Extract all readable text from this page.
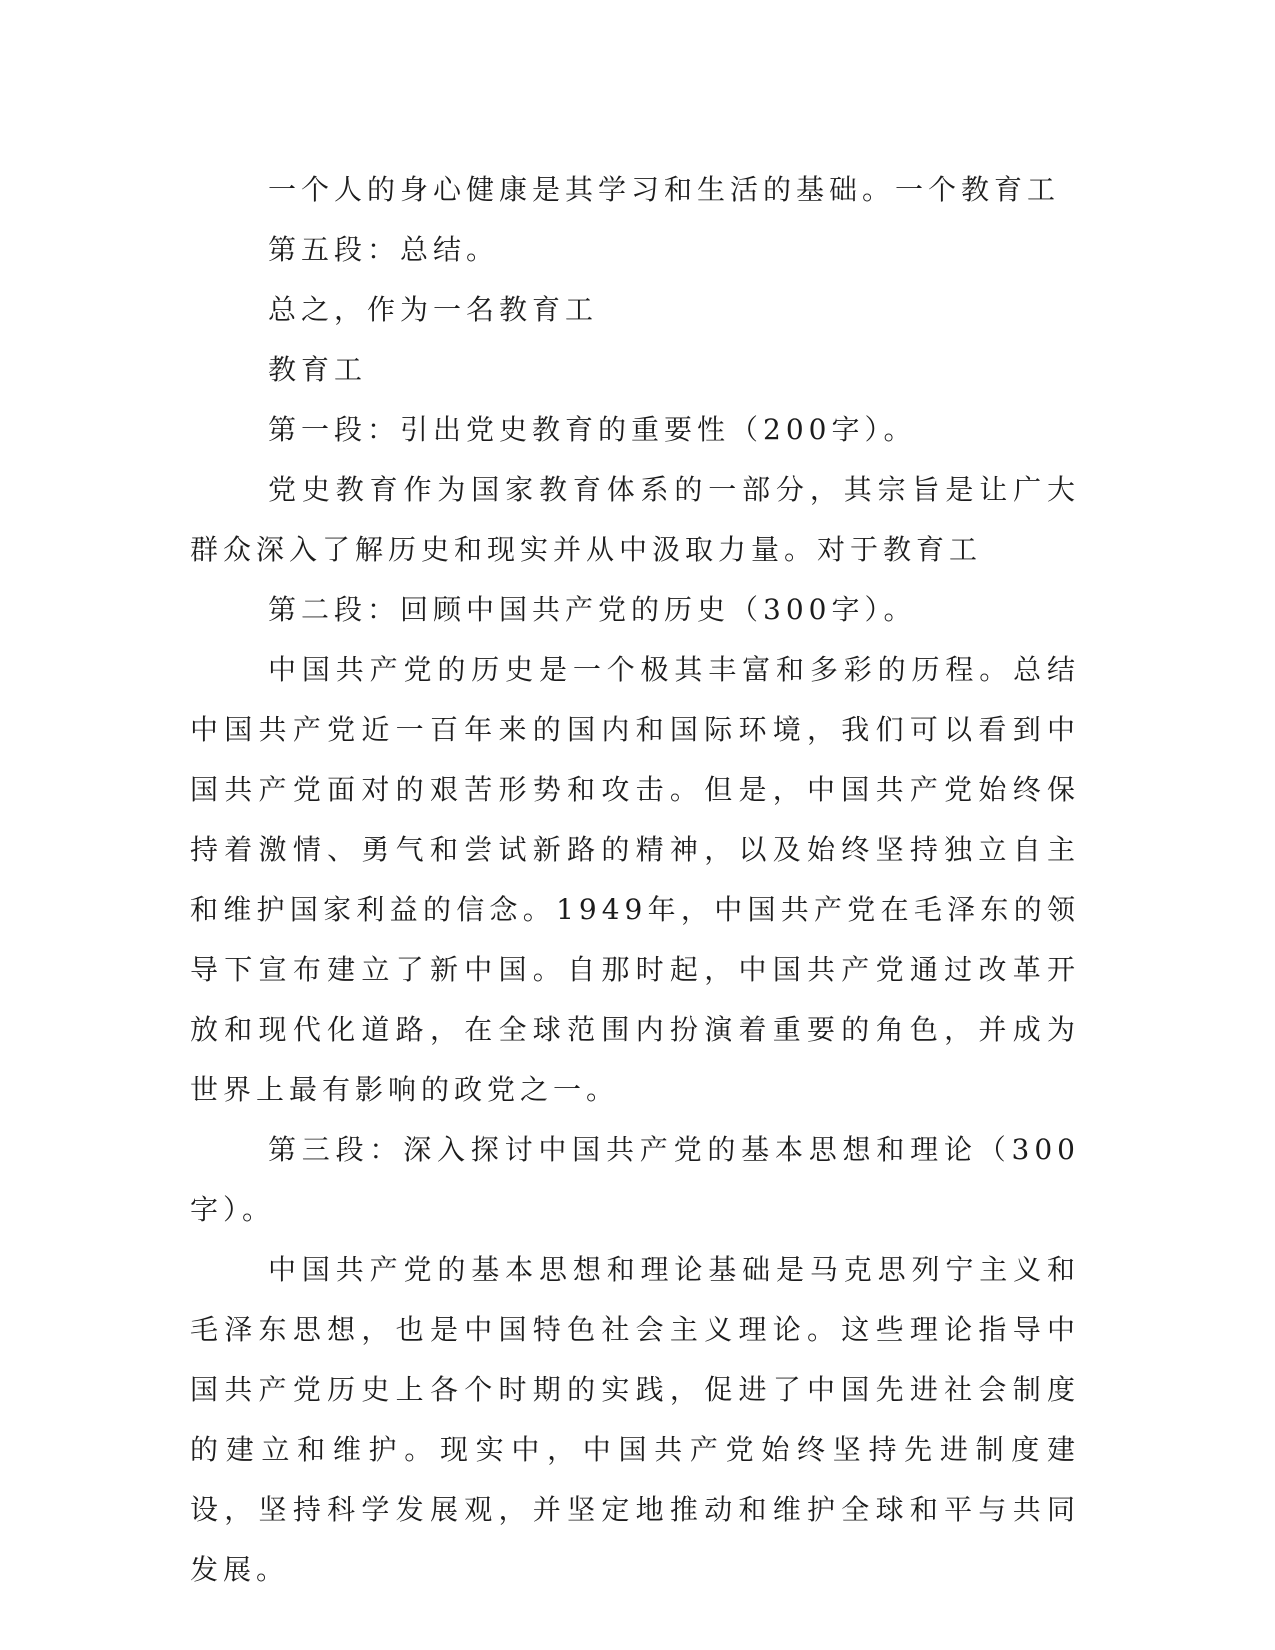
一个人的身心健康是其学习和生活的基础。一个教育工

第五段：总结。

总之，作为一名教育工

教育工

第一段：引出党史教育的重要性（200字）。

党史教育作为国家教育体系的一部分，其宗旨是让广大群众深入了解历史和现实并从中汲取力量。对于教育工

第二段：回顾中国共产党的历史（300字）。

中国共产党的历史是一个极其丰富和多彩的历程。总结中国共产党近一百年来的国内和国际环境，我们可以看到中国共产党面对的艰苦形势和攻击。但是，中国共产党始终保持着激情、勇气和尝试新路的精神，以及始终坚持独立自主和维护国家利益的信念。1949年，中国共产党在毛泽东的领导下宣布建立了新中国。自那时起，中国共产党通过改革开放和现代化道路，在全球范围内扮演着重要的角色，并成为世界上最有影响的政党之一。

第三段：深入探讨中国共产党的基本思想和理论（300字）。

中国共产党的基本思想和理论基础是马克思列宁主义和毛泽东思想，也是中国特色社会主义理论。这些理论指导中国共产党历史上各个时期的实践，促进了中国先进社会制度的建立和维护。现实中，中国共产党始终坚持先进制度建设，坚持科学发展观，并坚定地推动和维护全球和平与共同发展。
